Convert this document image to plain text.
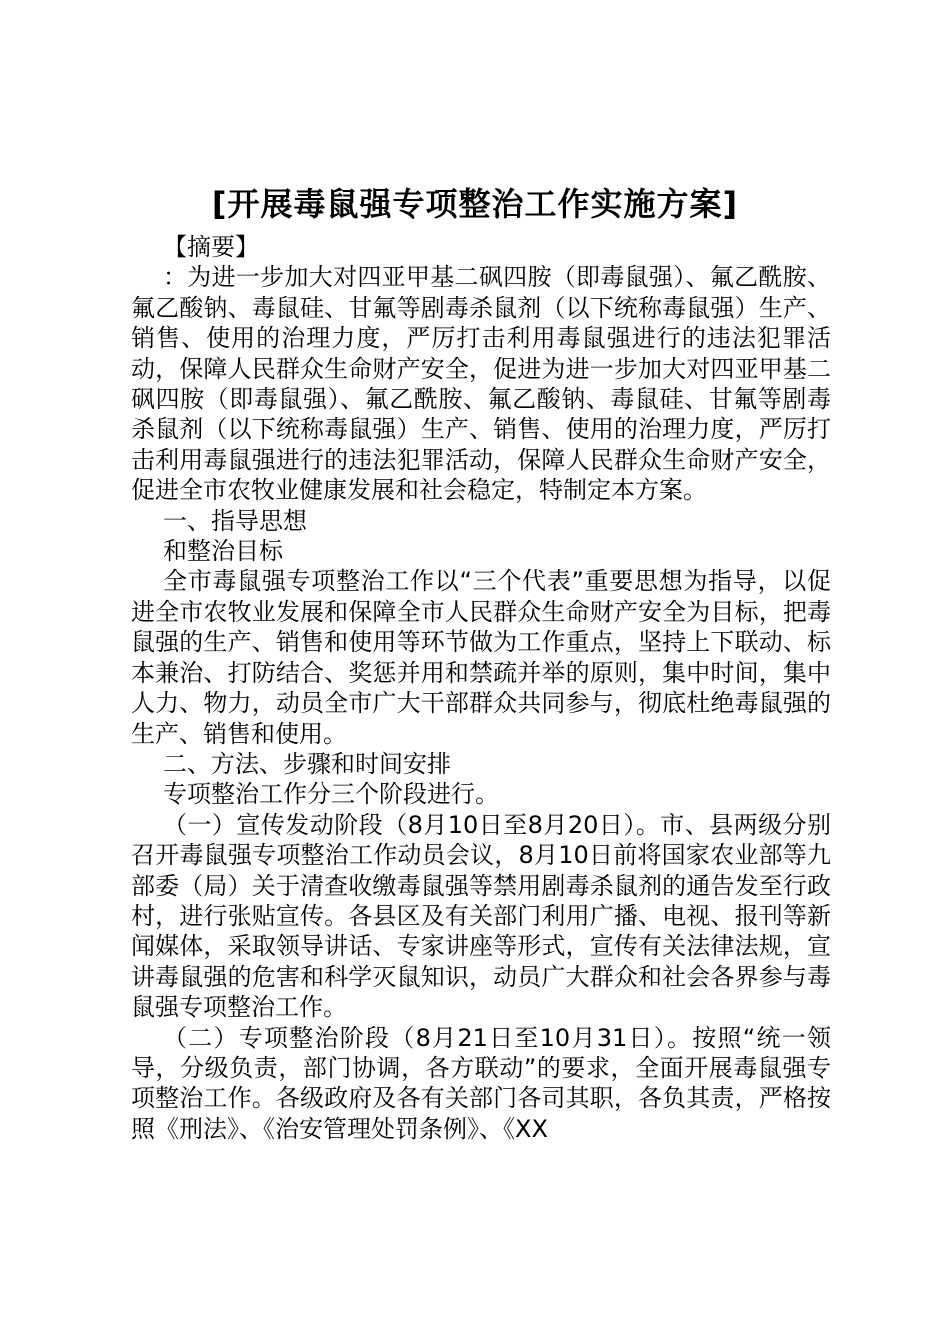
[开展毒鼠强专项整治工作实施方案]

【摘要】

：为进一步加大对四亚甲基二砜四胺（即毒鼠强）、氟乙酰胺、氟乙酸钠、毒鼠硅、甘氟等剧毒杀鼠剂（以下统称毒鼠强）生产、销售、使用的治理力度，严厉打击利用毒鼠强进行的违法犯罪活动，保障人民群众生命财产安全，促进为进一步加大对四亚甲基二砜四胺（即毒鼠强）、氟乙酰胺、氟乙酸钠、毒鼠硅、甘氟等剧毒杀鼠剂（以下统称毒鼠强）生产、销售、使用的治理力度，严厉打击利用毒鼠强进行的违法犯罪活动，保障人民群众生命财产安全，促进全市农牧业健康发展和社会稳定，特制定本方案。

一、指导思想

和整治目标

全市毒鼠强专项整治工作以“三个代表”重要思想为指导，以促进全市农牧业发展和保障全市人民群众生命财产安全为目标，把毒鼠强的生产、销售和使用等环节做为工作重点，坚持上下联动、标本兼治、打防结合、奖惩并用和禁疏并举的原则，集中时间，集中人力、物力，动员全市广大干部群众共同参与，彻底杜绝毒鼠强的生产、销售和使用。

二、方法、步骤和时间安排

专项整治工作分三个阶段进行。

（一）宣传发动阶段（8月10日至8月20日）。市、县两级分别召开毒鼠强专项整治工作动员会议，8月10日前将国家农业部等九部委（局）关于清查收缴毒鼠强等禁用剧毒杀鼠剂的通告发至行政村，进行张贴宣传。各县区及有关部门利用广播、电视、报刊等新闻媒体，采取领导讲话、专家讲座等形式，宣传有关法律法规，宣讲毒鼠强的危害和科学灭鼠知识，动员广大群众和社会各界参与毒鼠强专项整治工作。

（二）专项整治阶段（8月21日至10月31日）。按照“统一领导，分级负责，部门协调，各方联动”的要求，全面开展毒鼠强专项整治工作。各级政府及各有关部门各司其职，各负其责，严格按照《刑法》、《治安管理处罚条例》、《XX
